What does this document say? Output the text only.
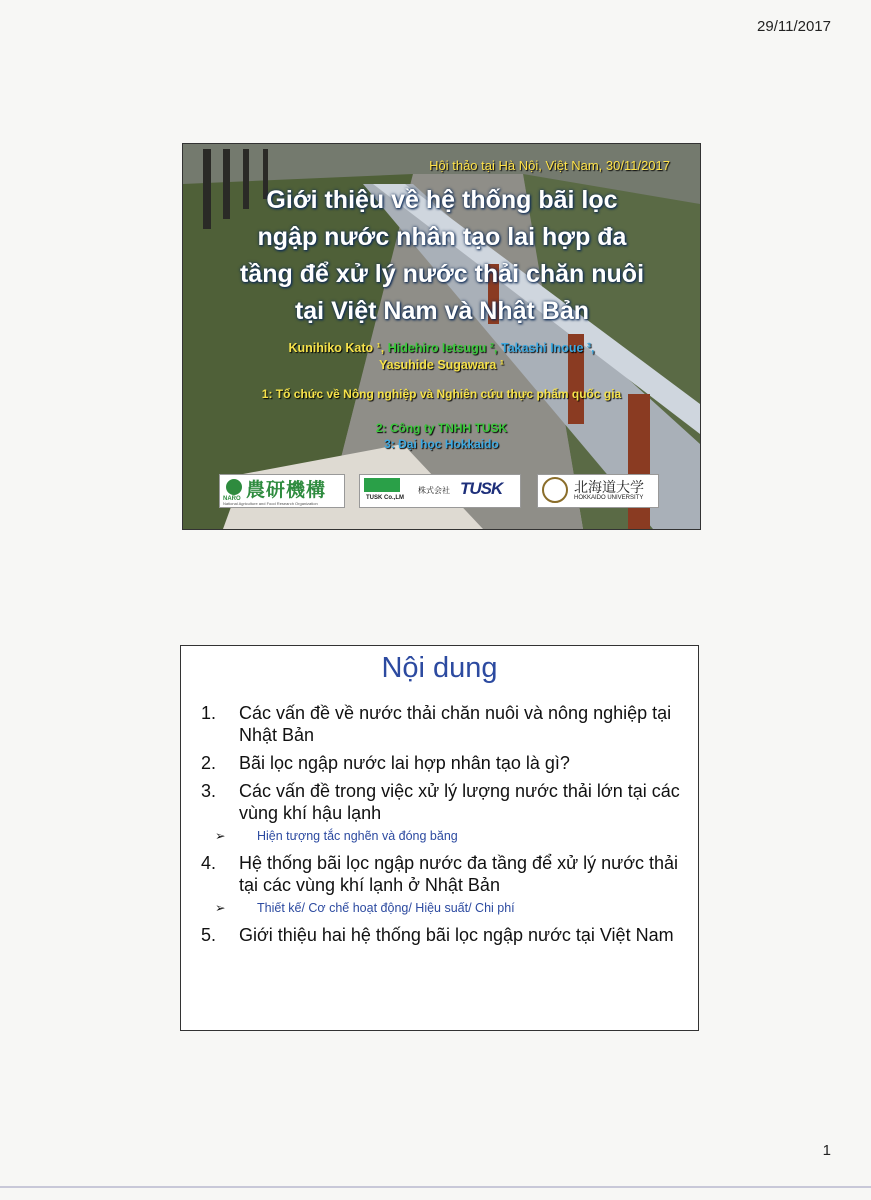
29/11/2017
Hội thảo tại Hà Nội, Việt Nam, 30/11/2017
Giới thiệu về hệ thống bãi lọc
ngập nước nhân tạo lai hợp đa
tầng để xử lý nước thải chăn nuôi
tại Việt Nam và Nhật Bản
Kunihiko Kato ¹, Hidehiro Ietsugu ², Takashi Inoue ³,
Yasuhide Sugawara ¹
1: Tổ chức về Nông nghiệp và Nghiên cứu thực phẩm quốc gia
2: Công ty TNHH TUSK
3: Đại học Hokkaido
NARO 農研機構
National Agriculture and Food Research Organization
TUSK Co.,LM
株式会社 TUSK	北海道大学
HOKKAIDO UNIVERSITY
Nội dung
1.	Các vấn đề về nước thải chăn nuôi và nông nghiệp tại Nhật Bản
2.	Bãi lọc ngập nước lai hợp nhân tạo là gì?
3.	Các vấn đề trong việc xử lý lượng nước thải lớn tại các vùng khí hậu lạnh
➢	Hiện tượng tắc nghẽn và đóng băng
4.	Hệ thống bãi lọc ngập nước đa tầng để xử lý nước thải tại các vùng khí lạnh ở Nhật Bản
➢	Thiết kế/ Cơ chế hoạt động/ Hiệu suất/ Chi phí
5.	Giới thiệu hai hệ thống bãi lọc ngập nước tại Việt Nam
1
